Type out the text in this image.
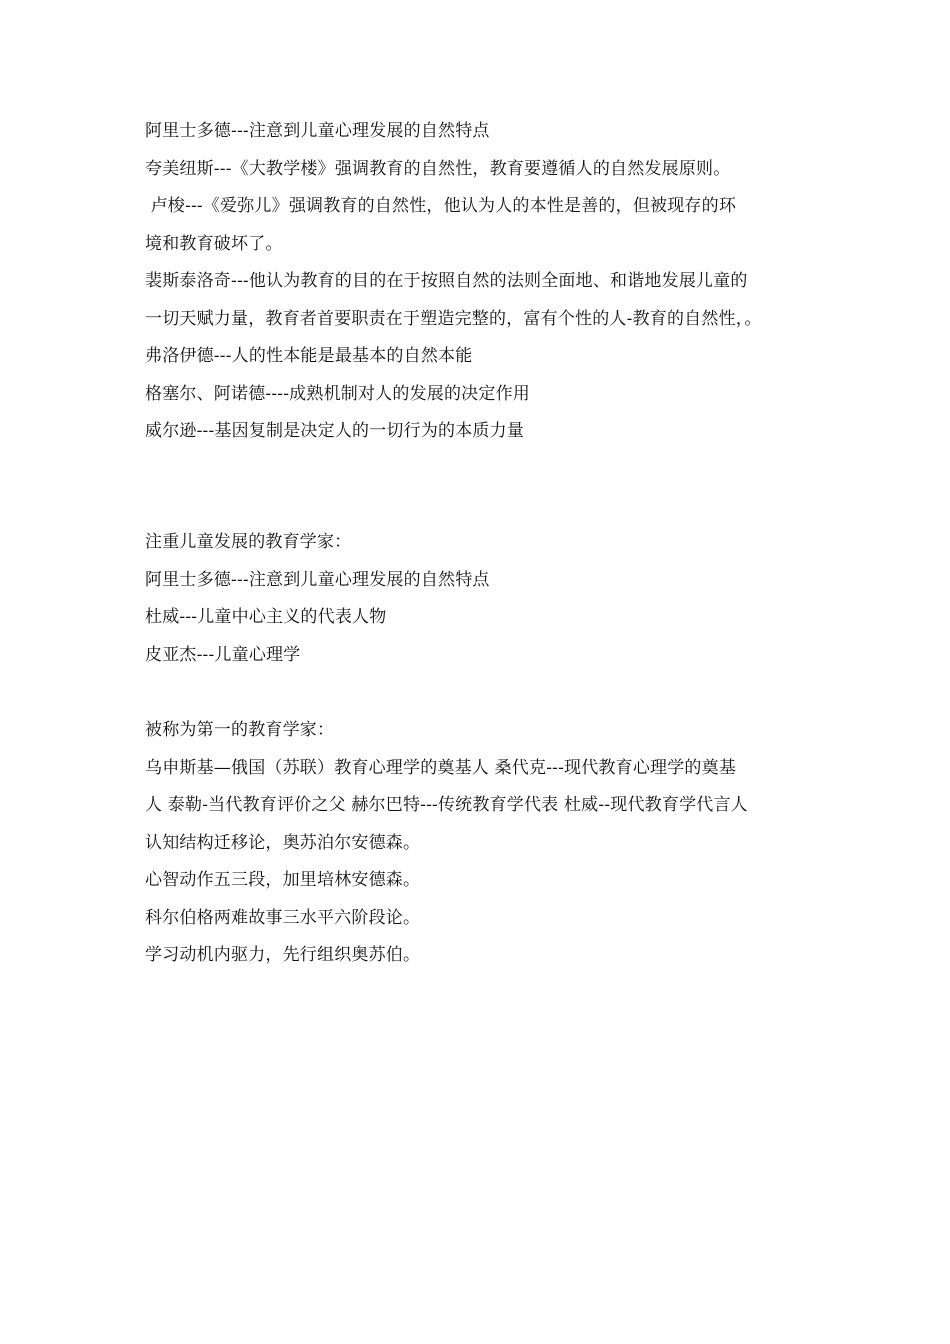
阿里士多德---注意到儿童心理发展的自然特点
夸美纽斯---《大教学楼》强调教育的自然性，教育要遵循人的自然发展原则。
卢梭---《爱弥儿》强调教育的自然性，他认为人的本性是善的，但被现存的环
境和教育破坏了。
裴斯泰洛奇---他认为教育的目的在于按照自然的法则全面地、和谐地发展儿童的
一切天赋力量，教育者首要职责在于塑造完整的，富有个性的人-教育的自然性，。
弗洛伊德---人的性本能是最基本的自然本能
格塞尔、阿诺德----成熟机制对人的发展的决定作用
威尔逊---基因复制是决定人的一切行为的本质力量
注重儿童发展的教育学家：
阿里士多德---注意到儿童心理发展的自然特点
杜威---儿童中心主义的代表人物
皮亚杰---儿童心理学
被称为第一的教育学家：
乌申斯基—俄国（苏联）教育心理学的奠基人 桑代克---现代教育心理学的奠基
人 泰勒-当代教育评价之父 赫尔巴特---传统教育学代表 杜威--现代教育学代言人
认知结构迁移论，奥苏泊尔安德森。
心智动作五三段，加里培林安德森。
科尔伯格两难故事三水平六阶段论。
学习动机内驱力，先行组织奥苏伯。
